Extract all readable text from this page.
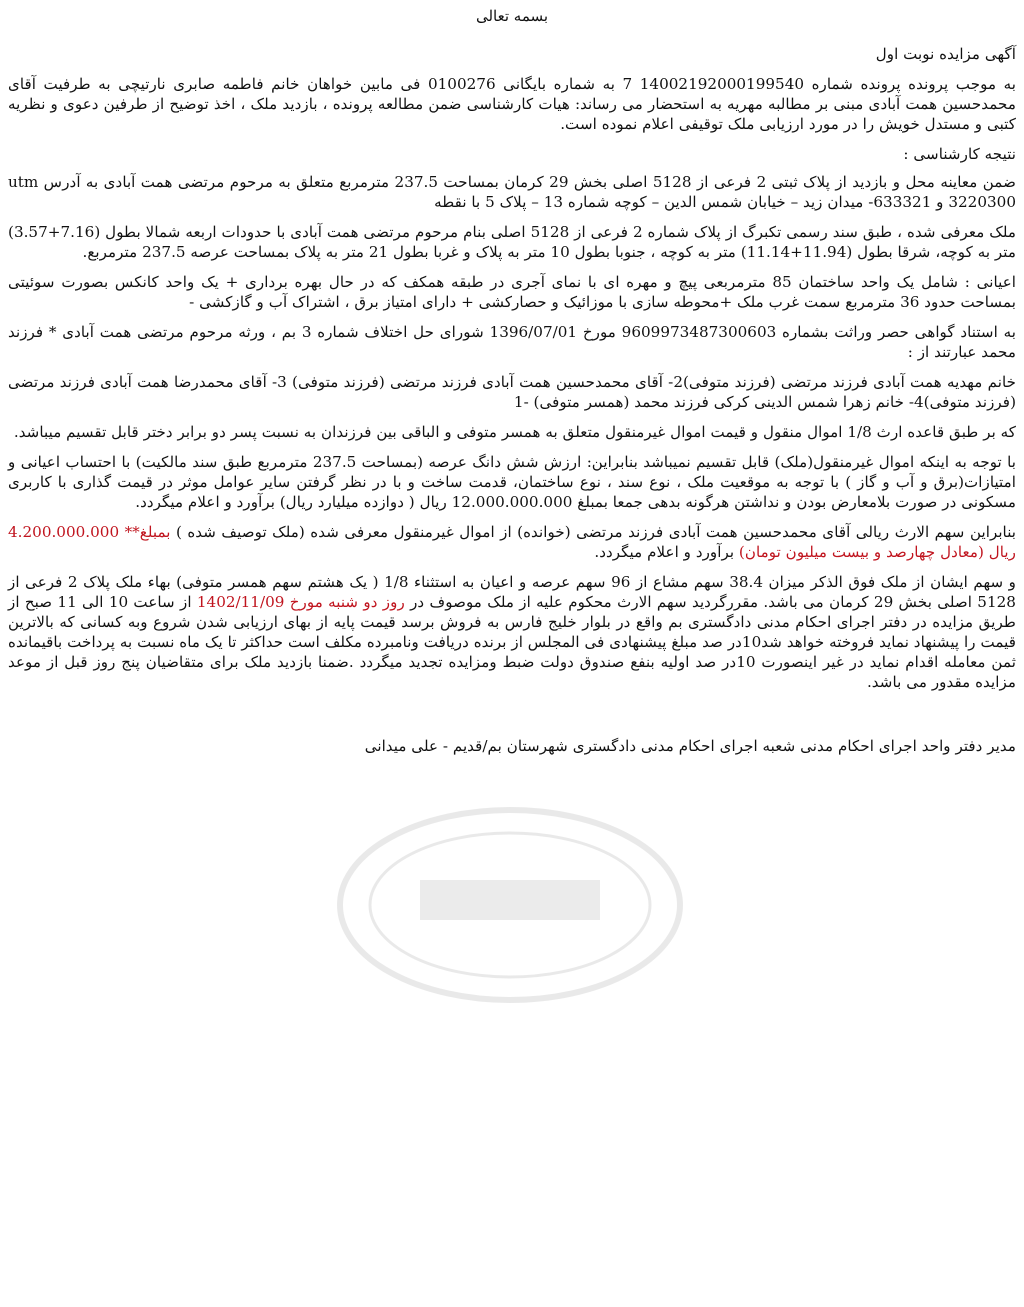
بسمه تعالی
آگهی مزایده نوبت اول
به موجب پرونده پرونده شماره 14002192000199540 7 به شماره بایگانی 0100276 فی مابین خواهان خانم فاطمه صابری نارتیچی به طرفیت آقای محمدحسین همت آبادی مبنی بر مطالبه مهریه به استحضار می رساند: هیات کارشناسی ضمن مطالعه پرونده ، بازدید ملک ، اخذ توضیح از طرفین دعوی و نظریه کتبی و مستدل خویش را در مورد ارزیابی ملک توقیفی اعلام نموده است.
نتیجه کارشناسی :
ضمن معاینه محل و بازدید از پلاک ثبتی 2 فرعی از 5128 اصلی بخش 29 کرمان بمساحت 237.5 مترمربع متعلق به مرحوم مرتضی همت آبادی به آدرس utm 3220300 و 633321- میدان زید – خیابان شمس الدین – کوچه شماره 13 – پلاک 5 با نقطه
ملک معرفی شده ، طبق سند رسمی تکبرگ از پلاک شماره 2 فرعی از 5128 اصلی بنام مرحوم مرتضی همت آبادی با حدودات اربعه شمالا بطول (7.16+3.57) متر به کوچه، شرقا بطول (11.94+11.14) متر به کوچه ، جنوبا بطول 10 متر به پلاک و غربا بطول 21 متر به پلاک بمساحت عرصه 237.5 مترمربع.
اعیانی : شامل یک واحد ساختمان 85 مترمربعی پیچ و مهره ای با نمای آجری در طبقه همکف که در حال بهره برداری + یک واحد کانکس بصورت سوئیتی بمساحت حدود 36 مترمربع سمت غرب ملک +محوطه سازی با موزائیک و حصارکشی + دارای امتیاز برق ، اشتراک آب و گازکشی -
به استناد گواهی حصر وراثت بشماره 9609973487300603 مورخ 1396/07/01 شورای حل اختلاف شماره 3 بم ، ورثه مرحوم مرتضی همت آبادی * فرزند محمد عبارتند از :
خانم مهدیه همت آبادی فرزند مرتضی (فرزند متوفی)2- آقای محمدحسین همت آبادی فرزند مرتضی (فرزند متوفی) 3- آقای محمدرضا همت آبادی فرزند مرتضی (فرزند متوفی)4- خانم زهرا شمس الدینی کرکی فرزند محمد (همسر متوفی) -1
که بر طبق قاعده ارث 1/8 اموال منقول و قیمت اموال غیرمنقول متعلق به همسر متوفی و الباقی بین فرزندان به نسبت پسر دو برابر دختر قابل تقسیم میباشد.
با توجه به اینکه اموال غیرمنقول(ملک) قابل تقسیم نمیباشد بنابراین: ارزش شش دانگ عرصه (بمساحت 237.5 مترمربع طبق سند مالکیت) با احتساب اعیانی و امتیازات(برق و آب و گاز ) با توجه به موقعیت ملک ، نوع سند ، نوع ساختمان، قدمت ساخت و با در نظر گرفتن سایر عوامل موثر در قیمت گذاری با کاربری مسکونی در صورت بلامعارض بودن و نداشتن هرگونه بدهی جمعا بمبلغ 12.000.000.000 ریال ( دوازده میلیارد ریال) برآورد و اعلام میگردد.
بنابراین سهم الارث ریالی آقای محمدحسین همت آبادی فرزند مرتضی (خوانده) از اموال غیرمنقول معرفی شده (ملک توصیف شده ) بمبلغ** 4.200.000.000 ریال (معادل چهارصد و بیست میلیون تومان) برآورد و اعلام میگردد.
و سهم ایشان از ملک فوق الذکر میزان 38.4 سهم مشاع از 96 سهم عرصه و اعیان به استثناء 1/8 ( یک هشتم سهم همسر متوفی) بهاء ملک پلاک 2 فرعی از 5128 اصلی بخش 29 کرمان می باشد. مقررگردید سهم الارث محکوم علیه از ملک موصوف در روز دو شنبه مورخ 1402/11/09 از ساعت 10 الی 11 صبح از طریق مزایده در دفتر اجرای احکام مدنی دادگستری بم واقع در بلوار خلیج فارس به فروش برسد قیمت پایه از بهای ارزیابی شدن شروع وبه کسانی که بالاترین قیمت را پیشنهاد نماید فروخته خواهد شد10در صد مبلغ پیشنهادی فی المجلس از برنده دریافت ونامبرده مکلف است حداکثر تا یک ماه نسبت به پرداخت باقیمانده ثمن معامله اقدام نماید در غیر اینصورت 10در صد اولیه بنفع صندوق دولت ضبط ومزایده تجدید میگردد .ضمنا بازدید ملک برای متقاضیان پنج روز قبل از موعد مزایده مقدور می باشد.
مدیر دفتر واحد اجرای احکام مدنی شعبه اجرای احکام مدنی دادگستری شهرستان بم/قدیم - علی میدانی
